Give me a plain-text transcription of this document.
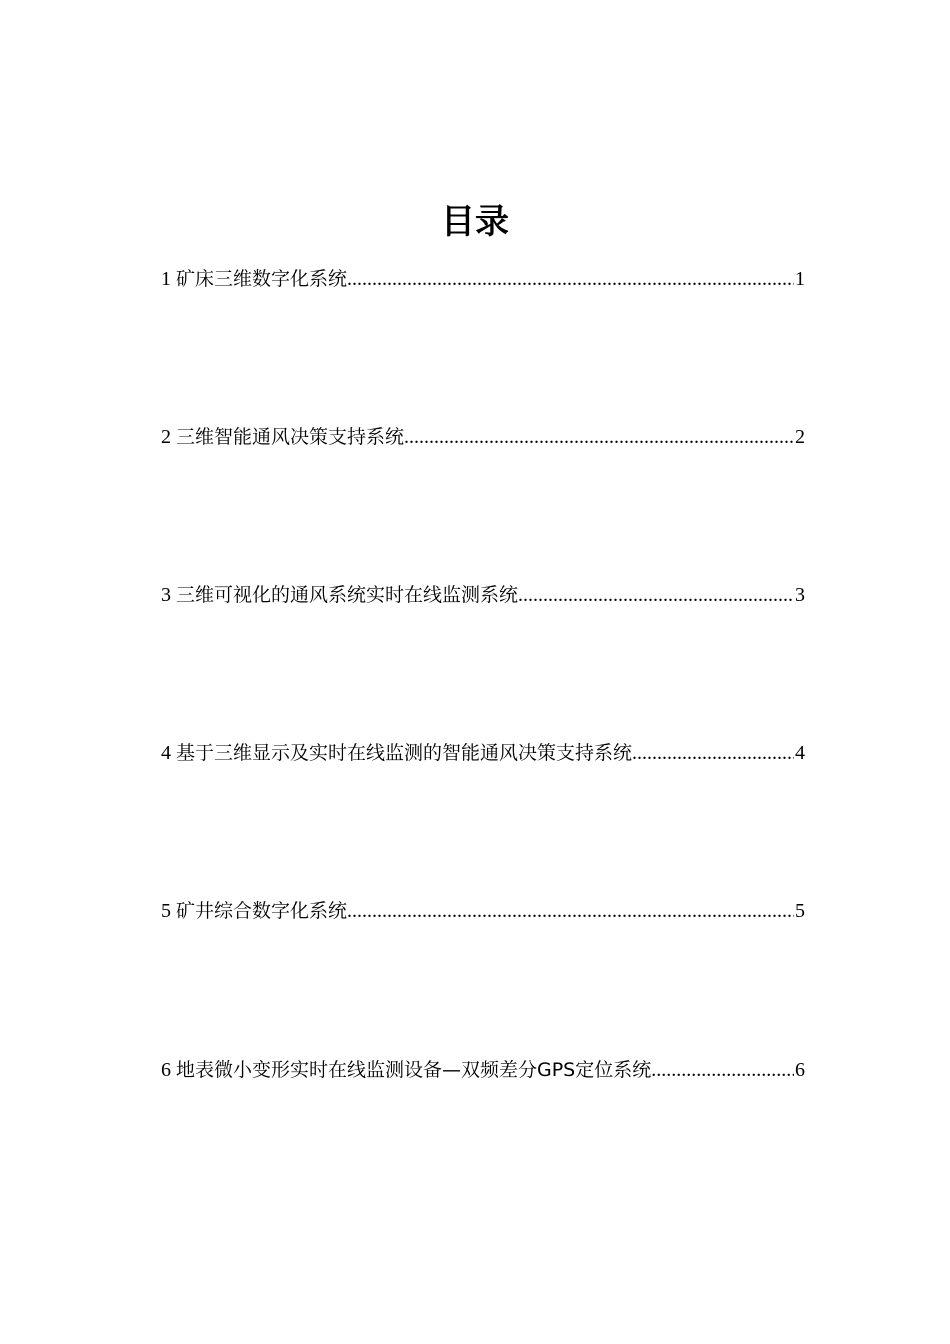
目录
1 矿床三维数字化系统 .....	1
2 三维智能通风决策支持系统 .....	2
3 三维可视化的通风系统实时在线监测系统 .....	3
4 基于三维显示及实时在线监测的智能通风决策支持系统 .....	4
5 矿井综合数字化系统 .....	5
6 地表微小变形实时在线监测设备—双频差分GPS定位系统 .....	6
